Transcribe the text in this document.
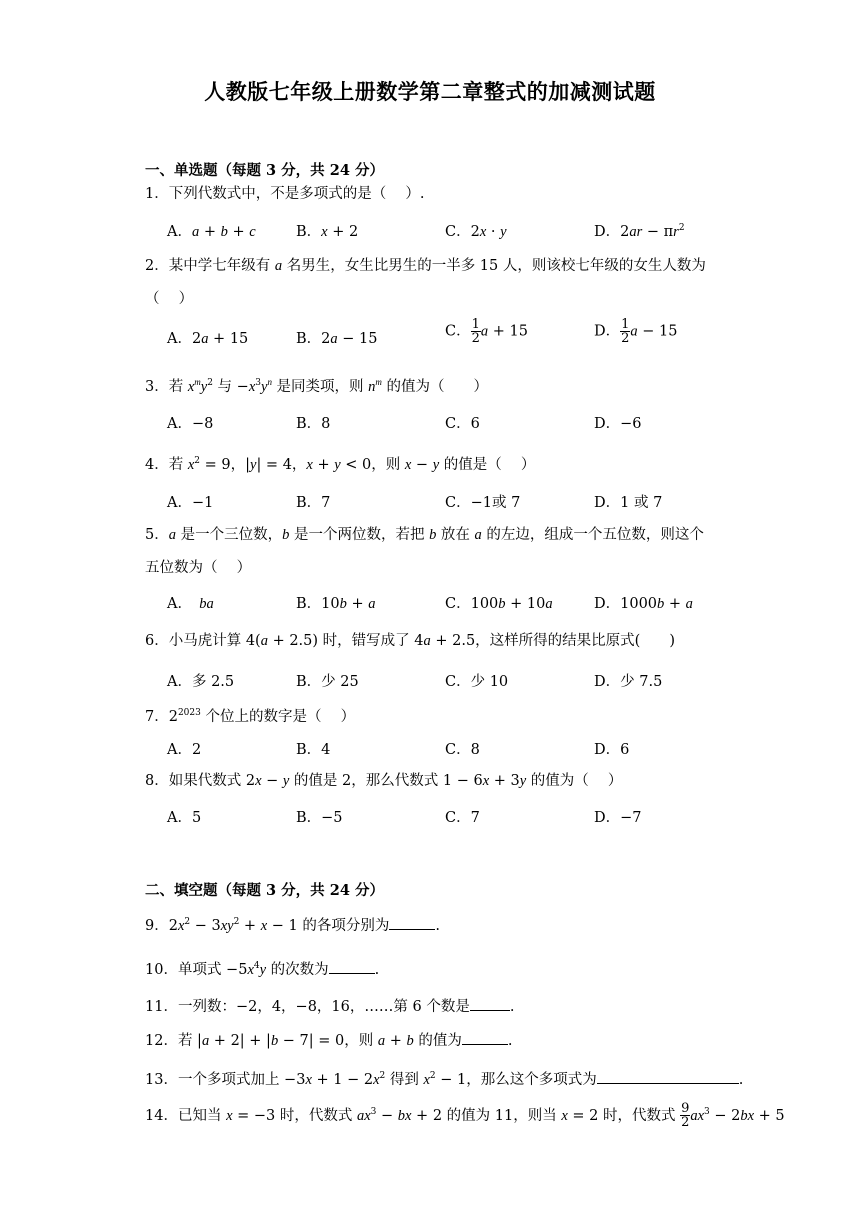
人教版七年级上册数学第二章整式的加减测试题
一、单选题（每题 3 分，共 24 分）
1．下列代数式中，不是多项式的是（　 ）.
A．a + b + c	B．x + 2	C．2x · y	D．$2ar - \pi r^2$
2．某中学七年级有 a 名男生，女生比男生的一半多 15 人，则该校七年级的女生人数为（　 ）
A．2a + 15	B．2a − 15	C． $\frac{1}{2}$ a + 15	D． $\frac{1}{2}$ a − 15
3．若 $x^my^2$ 与 $-x^3y^n$ 是同类项，则 $n^m$ 的值为（　　）
A．−8	B．8	C．6	D．−6
4．若 $x^2 = 9$，|y| = 4，x + y < 0，则 x − y 的值是（　 ）
A．−1	B．7	C．−1或 7	D．1 或 7
5．a 是一个三位数，b 是一个两位数，若把 b 放在 a 的左边，组成一个五位数，则这个五位数为（　 ）
A．　ba	B．10b + a	C．100b + 10a	D．1000b + a
6．小马虎计算 4(a + 2.5) 时，错写成了 4a + 2.5，这样所得的结果比原式(　　)
A．多 2.5	B．少 25	C．少 10	D．少 7.5
7．$2^{2023}$ 个位上的数字是（　 ）
A．2	B．4	C．8	D．6
8．如果代数式 2x − y 的值是 2，那么代数式 1 − 6x + 3y 的值为（　 ）
A．5	B．−5	C．7	D．−7
二、填空题（每题 3 分，共 24 分）
9．$2x^2 - 3xy^2 + x - 1$ 的各项分别为	.
10．单项式 $-5x^4y$ 的次数为	.
11．一列数：−2，4，−8，16，……第 6 个数是	.
12．若 |a + 2| + |b − 7| = 0，则 a + b 的值为	.
13．一个多项式加上 $-3x + 1 - 2x^2$ 得到 $x^2 - 1$，那么这个多项式为	.
14．已知当 x = −3 时，代数式 $ax^3$ − bx + 2 的值为 11，则当 x = 2 时，代数式 $\frac{9}{2} ax^3 - 2bx + 5$
